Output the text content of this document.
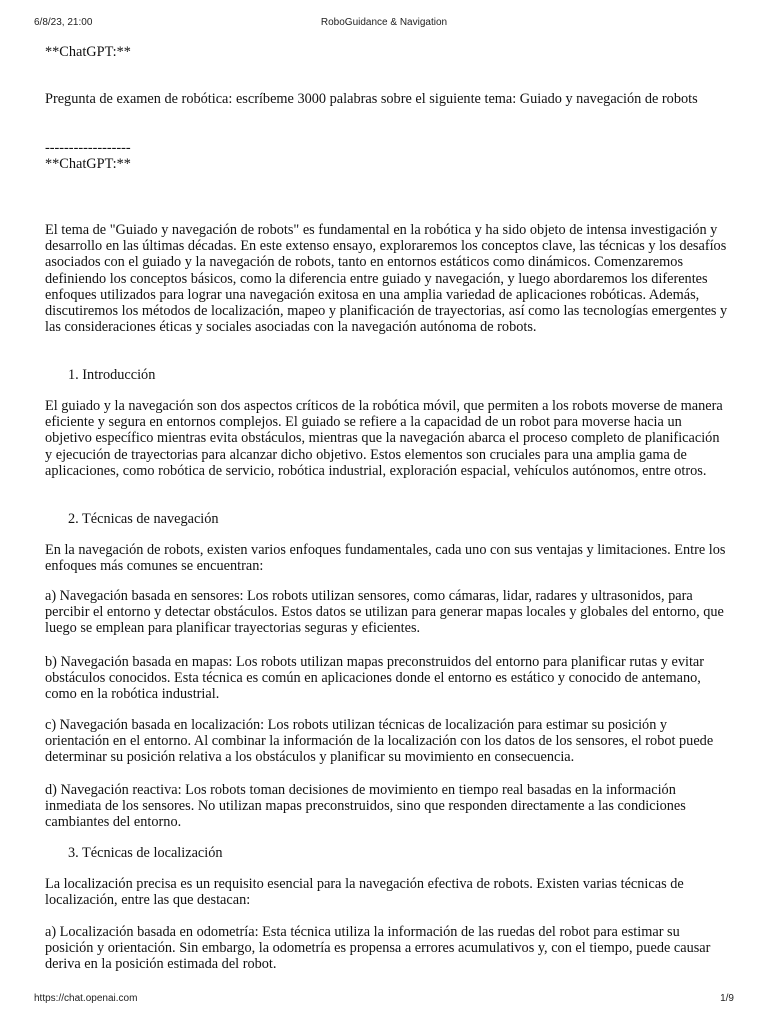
6/8/23, 21:00	RoboGuidance & Navigation

**ChatGPT:**

Pregunta de examen de robótica: escríbeme 3000 palabras sobre el siguiente tema: Guiado y navegación de robots

------------------

**ChatGPT:**

El tema de "Guiado y navegación de robots" es fundamental en la robótica y ha sido objeto de intensa investigación y desarrollo en las últimas décadas. En este extenso ensayo, exploraremos los conceptos clave, las técnicas y los desafíos asociados con el guiado y la navegación de robots, tanto en entornos estáticos como dinámicos. Comenzaremos definiendo los conceptos básicos, como la diferencia entre guiado y navegación, y luego abordaremos los diferentes enfoques utilizados para lograr una navegación exitosa en una amplia variedad de aplicaciones robóticas. Además, discutiremos los métodos de localización, mapeo y planificación de trayectorias, así como las tecnologías emergentes y las consideraciones éticas y sociales asociadas con la navegación autónoma de robots.

1. Introducción

El guiado y la navegación son dos aspectos críticos de la robótica móvil, que permiten a los robots moverse de manera eficiente y segura en entornos complejos. El guiado se refiere a la capacidad de un robot para moverse hacia un objetivo específico mientras evita obstáculos, mientras que la navegación abarca el proceso completo de planificación y ejecución de trayectorias para alcanzar dicho objetivo. Estos elementos son cruciales para una amplia gama de aplicaciones, como robótica de servicio, robótica industrial, exploración espacial, vehículos autónomos, entre otros.

2. Técnicas de navegación

En la navegación de robots, existen varios enfoques fundamentales, cada uno con sus ventajas y limitaciones. Entre los enfoques más comunes se encuentran:

a) Navegación basada en sensores: Los robots utilizan sensores, como cámaras, lidar, radares y ultrasonidos, para percibir el entorno y detectar obstáculos. Estos datos se utilizan para generar mapas locales y globales del entorno, que luego se emplean para planificar trayectorias seguras y eficientes.

b) Navegación basada en mapas: Los robots utilizan mapas preconstruidos del entorno para planificar rutas y evitar obstáculos conocidos. Esta técnica es común en aplicaciones donde el entorno es estático y conocido de antemano, como en la robótica industrial.

c) Navegación basada en localización: Los robots utilizan técnicas de localización para estimar su posición y orientación en el entorno. Al combinar la información de la localización con los datos de los sensores, el robot puede determinar su posición relativa a los obstáculos y planificar su movimiento en consecuencia.

d) Navegación reactiva: Los robots toman decisiones de movimiento en tiempo real basadas en la información inmediata de los sensores. No utilizan mapas preconstruidos, sino que responden directamente a las condiciones cambiantes del entorno.

3. Técnicas de localización

La localización precisa es un requisito esencial para la navegación efectiva de robots. Existen varias técnicas de localización, entre las que destacan:

a) Localización basada en odometría: Esta técnica utiliza la información de las ruedas del robot para estimar su posición y orientación. Sin embargo, la odometría es propensa a errores acumulativos y, con el tiempo, puede causar deriva en la posición estimada del robot.

https://chat.openai.com	1/9
